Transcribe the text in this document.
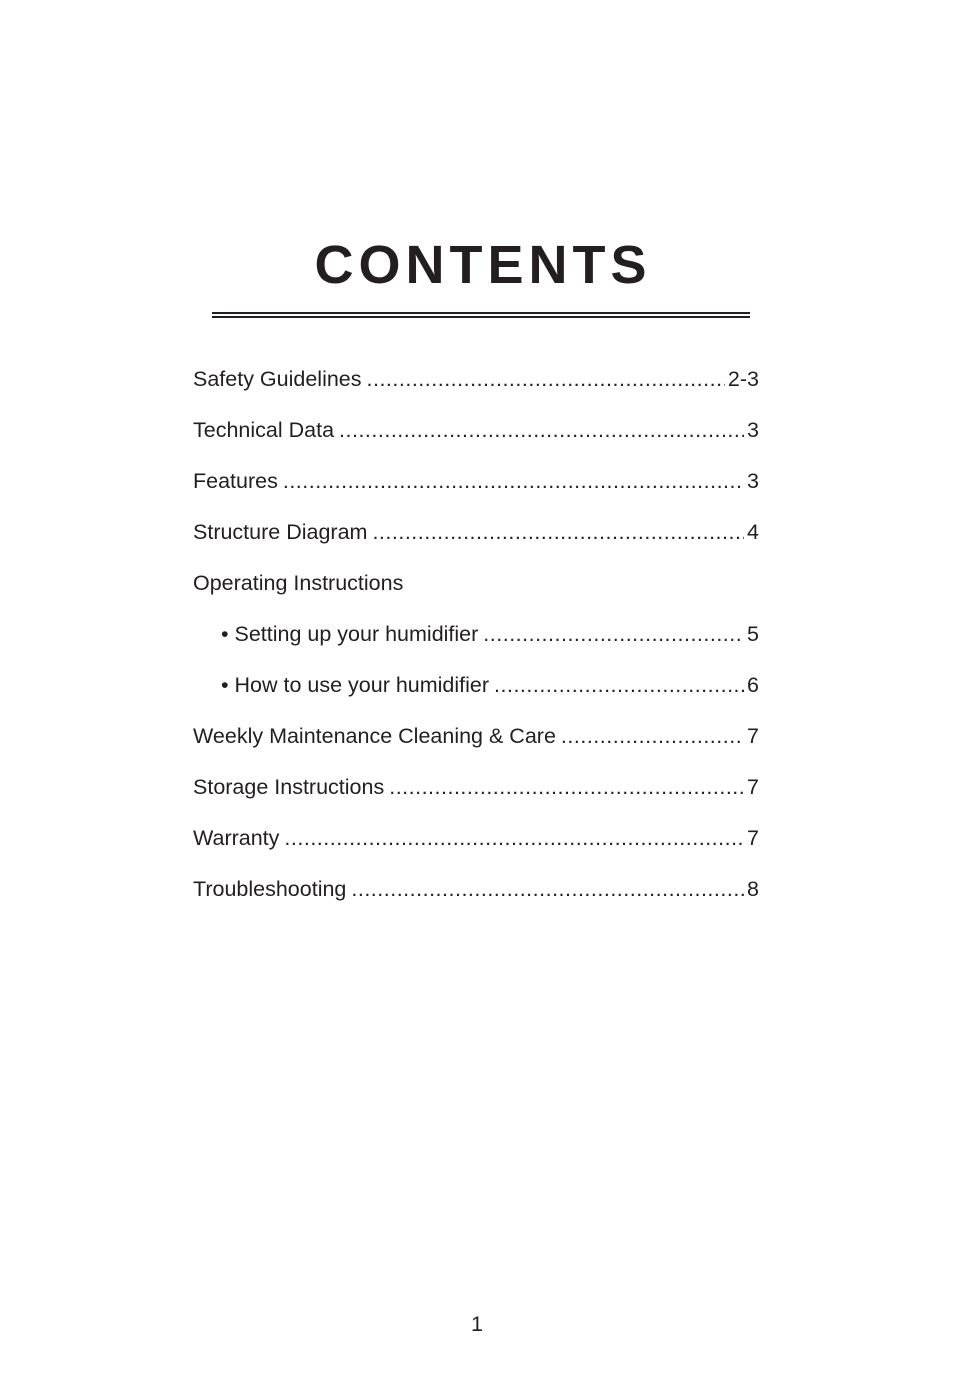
CONTENTS
Safety Guidelines .....	2-3
Technical Data .....	3
Features .....	3
Structure Diagram .....	4
Operating Instructions
• Setting up your humidifier .....	5
• How to use your humidifier .....	6
Weekly Maintenance Cleaning & Care .....	7
Storage Instructions .....	7
Warranty .....	7
Troubleshooting .....	8
1
